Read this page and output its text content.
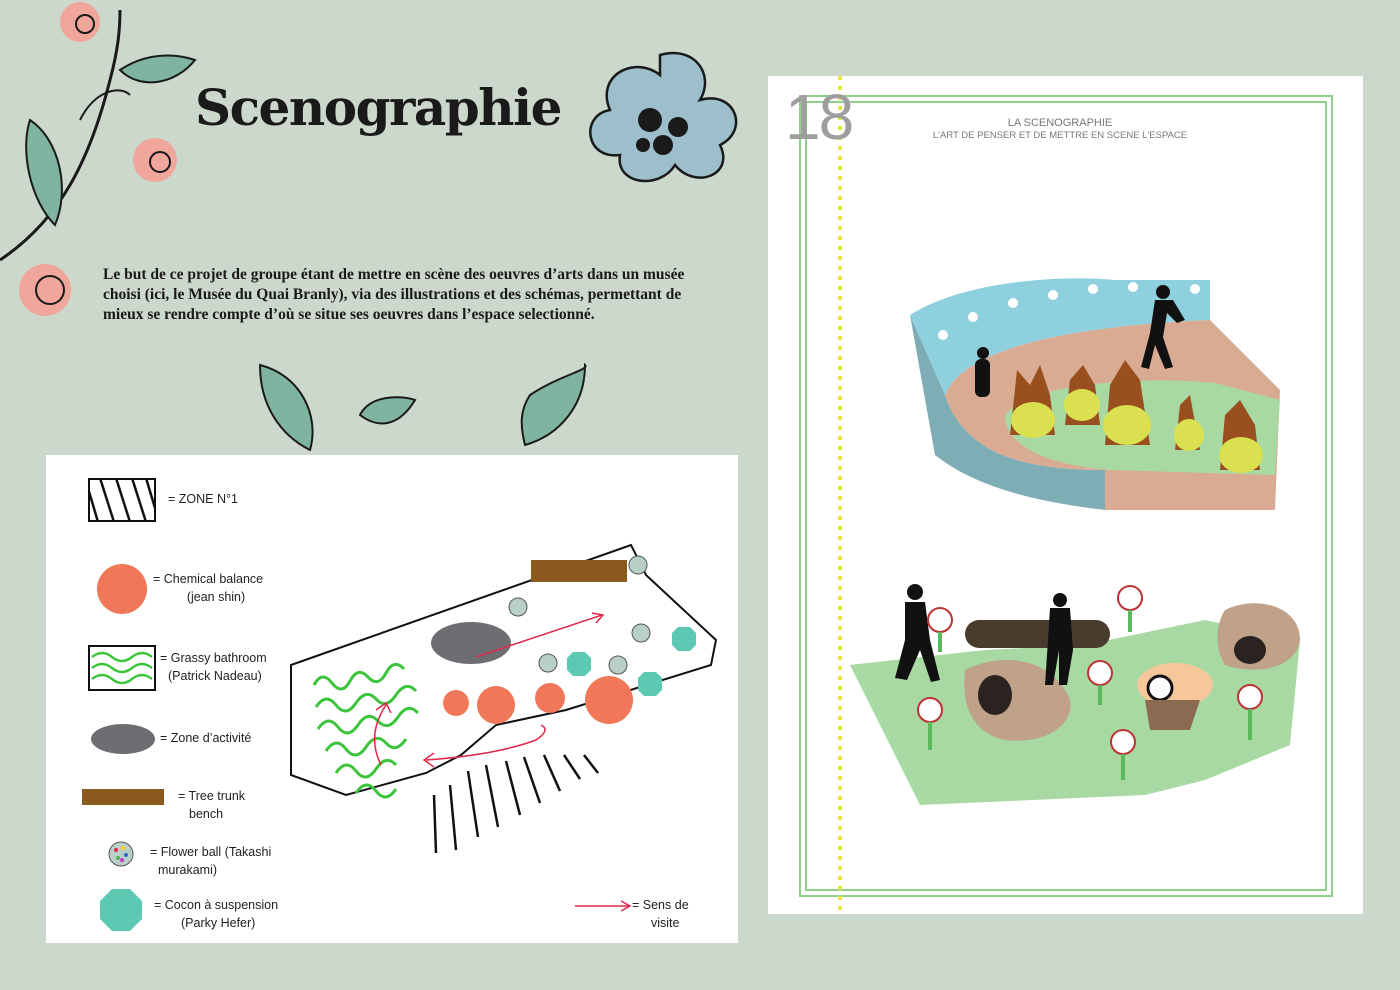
Scenographie

Le but de ce projet de groupe étant de mettre en scène des oeuvres d’arts dans un musée choisi (ici, le Musée du Quai Branly), via des illustrations et des schémas, permettant de mieux se rendre compte d’où se situe ses oeuvres dans l’espace selectionné.

= ZONE N°1
= Chemical balance
(jean shin)
= Grassy bathroom
(Patrick Nadeau)
= Zone d’activité
= Tree trunk
bench
= Flower ball (Takashi
murakami)
= Cocon à suspension
(Parky Hefer)
= Sens de
visite
18	LA SCENOGRAPHIE
L'ART DE PENSER ET DE METTRE EN SCENE L'ESPACE
